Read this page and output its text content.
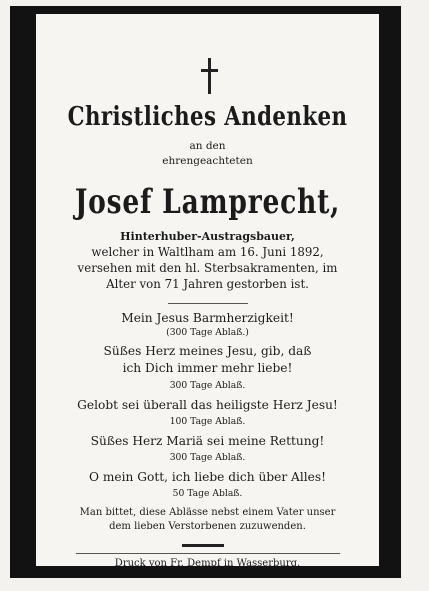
Christliches Andenken
an den
ehrengeachteten
Josef Lamprecht,
Hinterhuber-Austragsbauer,
welcher in Waltlham am 16. Juni 1892,
versehen mit den hl. Sterbsakramenten, im
Alter von 71 Jahren gestorben ist.
Mein Jesus Barmherzigkeit!
(300 Tage Ablaß.)
Süßes Herz meines Jesu, gib, daß
ich Dich immer mehr liebe!
300 Tage Ablaß.
Gelobt sei überall das heiligste Herz Jesu!
100 Tage Ablaß.
Süßes Herz Mariä sei meine Rettung!
300 Tage Ablaß.
O mein Gott, ich liebe dich über Alles!
50 Tage Ablaß.
Man bittet, diese Ablässe nebst einem Vater unser
dem lieben Verstorbenen zuzuwenden.
Druck von Fr. Dempf in Wasserburg.
